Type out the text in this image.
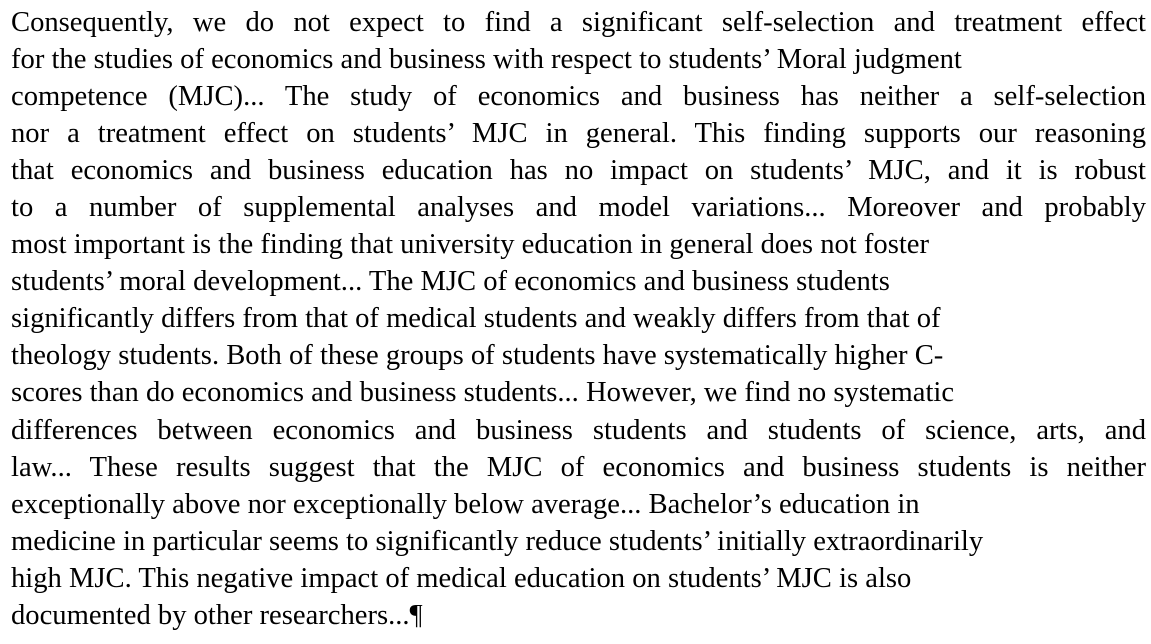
Consequently, we do not expect to find a significant self-selection and treatment effect
for the studies of economics and business with respect to students’ Moral judgment
competence (MJC)... The study of economics and business has neither a self-selection
nor a treatment effect on students’ MJC in general. This finding supports our reasoning
that economics and business education has no impact on students’ MJC, and it is robust
to a number of supplemental analyses and model variations... Moreover and probably
most important is the finding that university education in general does not foster
students’ moral development... The MJC of economics and business students
significantly differs from that of medical students and weakly differs from that of
theology students. Both of these groups of students have systematically higher C-
scores than do economics and business students... However, we find no systematic
differences between economics and business students and students of science, arts, and
law... These results suggest that the MJC of economics and business students is neither
exceptionally above nor exceptionally below average... Bachelor’s education in
medicine in particular seems to significantly reduce students’ initially extraordinarily
high MJC. This negative impact of medical education on students’ MJC is also
documented by other researchers...¶
